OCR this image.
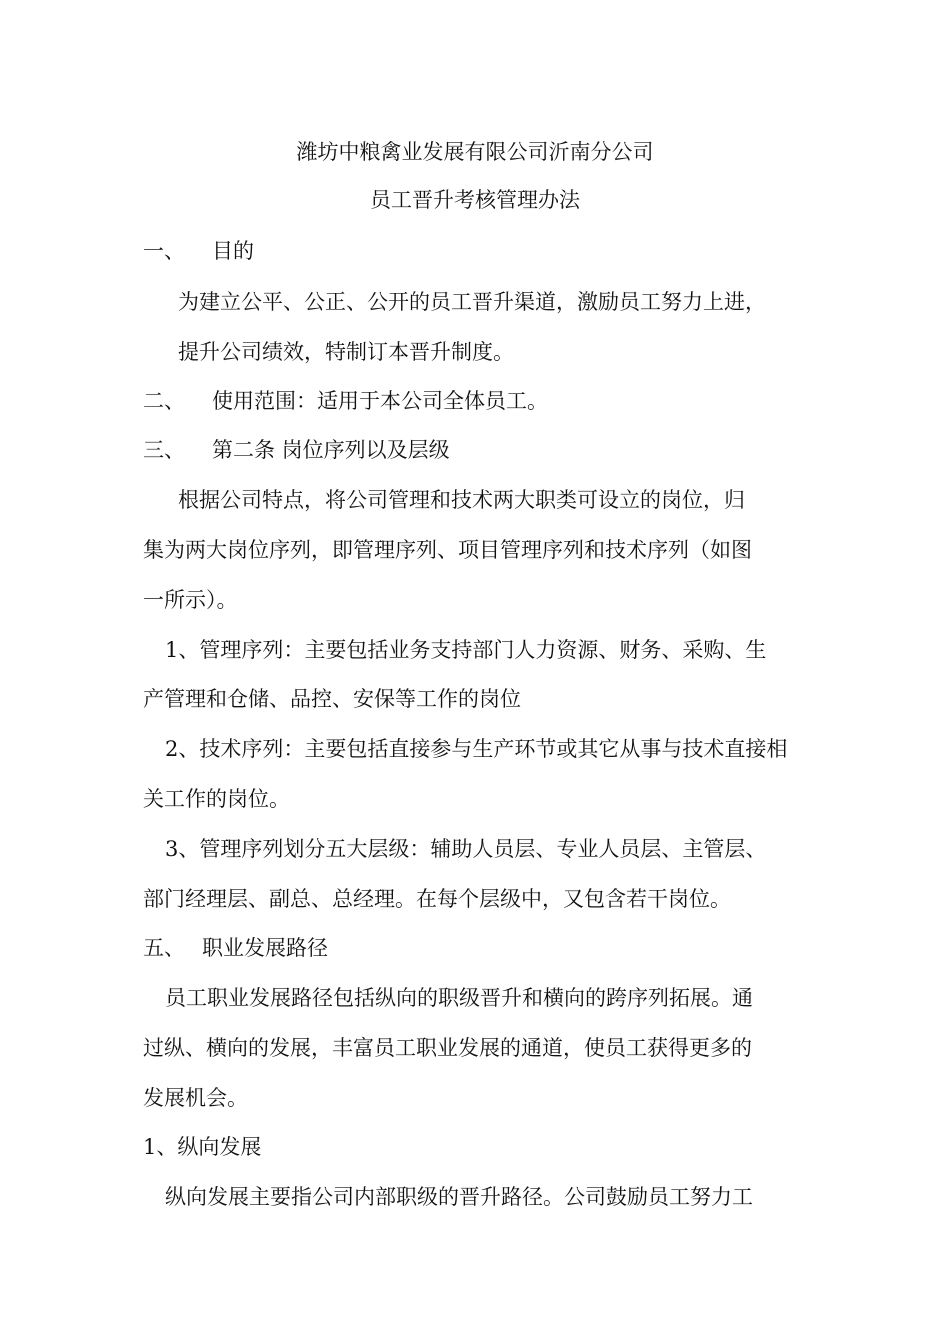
潍坊中粮禽业发展有限公司沂南分公司
员工晋升考核管理办法
一、 目的
为建立公平、公正、公开的员工晋升渠道，激励员工努力上进，
提升公司绩效，特制订本晋升制度。
二、 使用范围：适用于本公司全体员工。
三、 第二条 岗位序列以及层级
根据公司特点，将公司管理和技术两大职类可设立的岗位，归
集为两大岗位序列，即管理序列、项目管理序列和技术序列（如图
一所示）。
1、管理序列：主要包括业务支持部门人力资源、财务、采购、生
产管理和仓储、品控、安保等工作的岗位
2、技术序列：主要包括直接参与生产环节或其它从事与技术直接相
关工作的岗位。
3、管理序列划分五大层级：辅助人员层、专业人员层、主管层、
部门经理层、副总、总经理。在每个层级中，又包含若干岗位。
五、 职业发展路径
员工职业发展路径包括纵向的职级晋升和横向的跨序列拓展。通
过纵、横向的发展，丰富员工职业发展的通道，使员工获得更多的
发展机会。
1、纵向发展
纵向发展主要指公司内部职级的晋升路径。公司鼓励员工努力工
